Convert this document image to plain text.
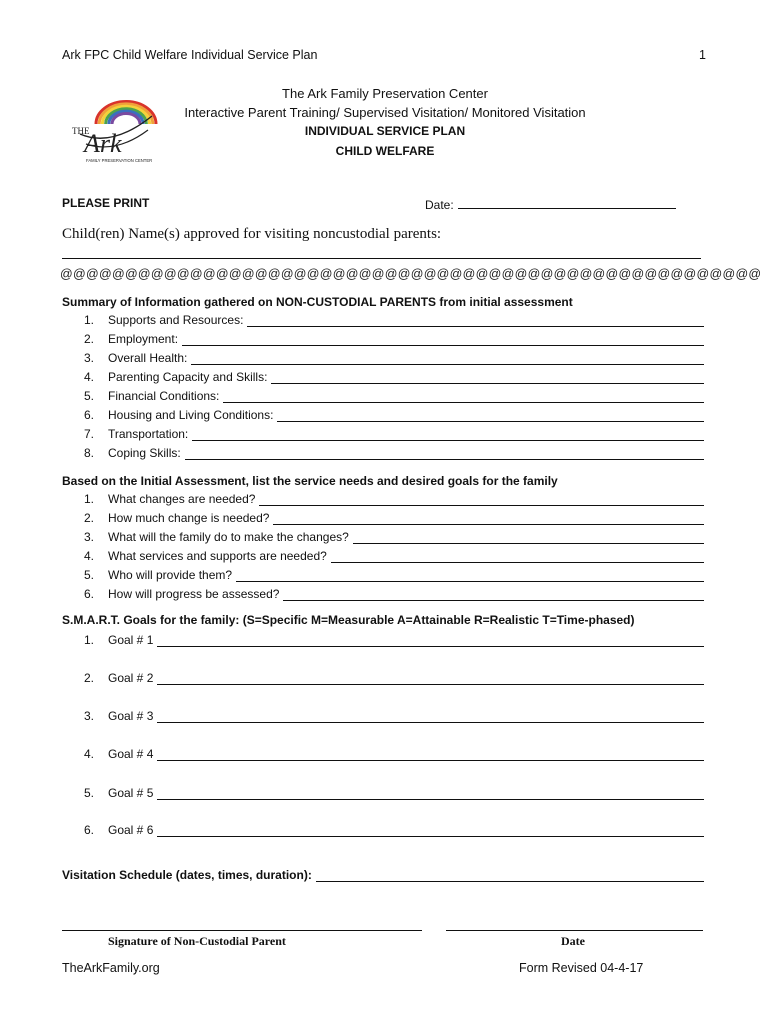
Ark FPC Child Welfare Individual Service Plan	1
THE
Ark
FAMILY PRESERVATION CENTER
The Ark Family Preservation Center
Interactive Parent Training/ Supervised Visitation/ Monitored Visitation
INDIVIDUAL SERVICE PLAN
CHILD WELFARE
PLEASE PRINT	Date:
Child(ren) Name(s) approved for visiting noncustodial parents:
@@@@@@@@@@@@@@@@@@@@@@@@@@@@@@@@@@@@@@@@@@@@@@@@@@@@@@
Summary of Information gathered on NON-CUSTODIAL PARENTS from initial assessment
1.	Supports and Resources:
2.	Employment:
3.	Overall Health:
4.	Parenting Capacity and Skills:
5.	Financial Conditions:
6.	Housing and Living Conditions:
7.	Transportation:
8.	Coping Skills:
Based on the Initial Assessment, list the service needs and desired goals for the family
1.	What changes are needed?
2.	How much change is needed?
3.	What will the family do to make the changes?
4.	What services and supports are needed?
5.	Who will provide them?
6.	How will progress be assessed?
S.M.A.R.T. Goals for the family: (S=Specific M=Measurable A=Attainable R=Realistic T=Time-phased)
1.	Goal # 1
2.	Goal # 2
3.	Goal # 3
4.	Goal # 4
5.	Goal # 5
6.	Goal # 6
Visitation Schedule (dates, times, duration):
Signature of Non-Custodial Parent	Date
TheArkFamily.org	Form Revised 04-4-17
